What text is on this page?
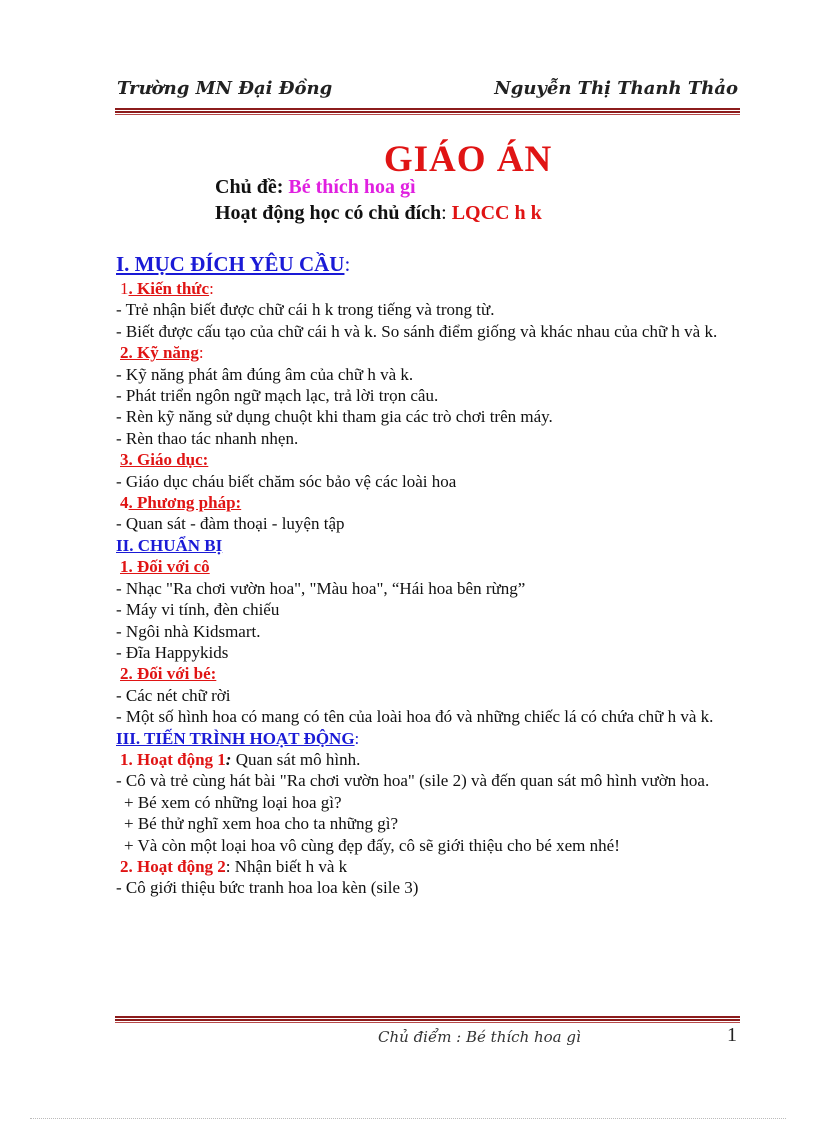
Trường MN Đại Đồng	Nguyễn Thị Thanh Thảo
GIÁO ÁN
Chủ đề: Bé thích hoa gì
Hoạt động học có chủ đích: LQCC h k
I. MỤC ĐÍCH YÊU CẦU:
1. Kiến thức:
- Trẻ nhận biết được chữ cái h k trong tiếng và trong từ.
- Biết được cấu tạo của chữ cái h và k. So sánh điểm giống và khác nhau của chữ h và k.
2. Kỹ năng:
- Kỹ năng phát âm đúng âm của chữ h và k.
- Phát triển ngôn ngữ mạch lạc, trả lời trọn câu.
- Rèn kỹ năng sử dụng chuột khi tham gia các trò chơi trên máy.
- Rèn thao tác nhanh nhẹn.
3. Giáo dục:
- Giáo dục cháu biết chăm sóc bảo vệ các loài hoa
4. Phương pháp:
- Quan sát - đàm thoại - luyện tập
II. CHUẨN BỊ
1. Đối với cô
- Nhạc "Ra chơi vườn hoa", "Màu hoa", “Hái hoa bên rừng”
- Máy vi tính, đèn chiếu
- Ngôi nhà Kidsmart.
- Đĩa Happykids
2. Đối với bé:
- Các nét chữ rời
- Một số hình hoa có mang có tên của loài hoa đó và những chiếc lá có chứa chữ h và k.
III. TIẾN TRÌNH HOẠT ĐỘNG:
1. Hoạt động 1: Quan sát mô hình.
- Cô và trẻ cùng hát bài "Ra chơi vườn hoa" (sile 2) và đến quan sát mô hình vườn hoa.
+ Bé xem có những loại hoa gì?
+ Bé thử nghĩ xem hoa cho ta những gì?
+ Và còn một loại hoa vô cùng đẹp đấy, cô sẽ giới thiệu cho bé xem nhé!
2. Hoạt động 2: Nhận biết h và k
- Cô giới thiệu bức tranh hoa loa kèn (sile 3)
Chủ điểm : Bé thích hoa gì	1
